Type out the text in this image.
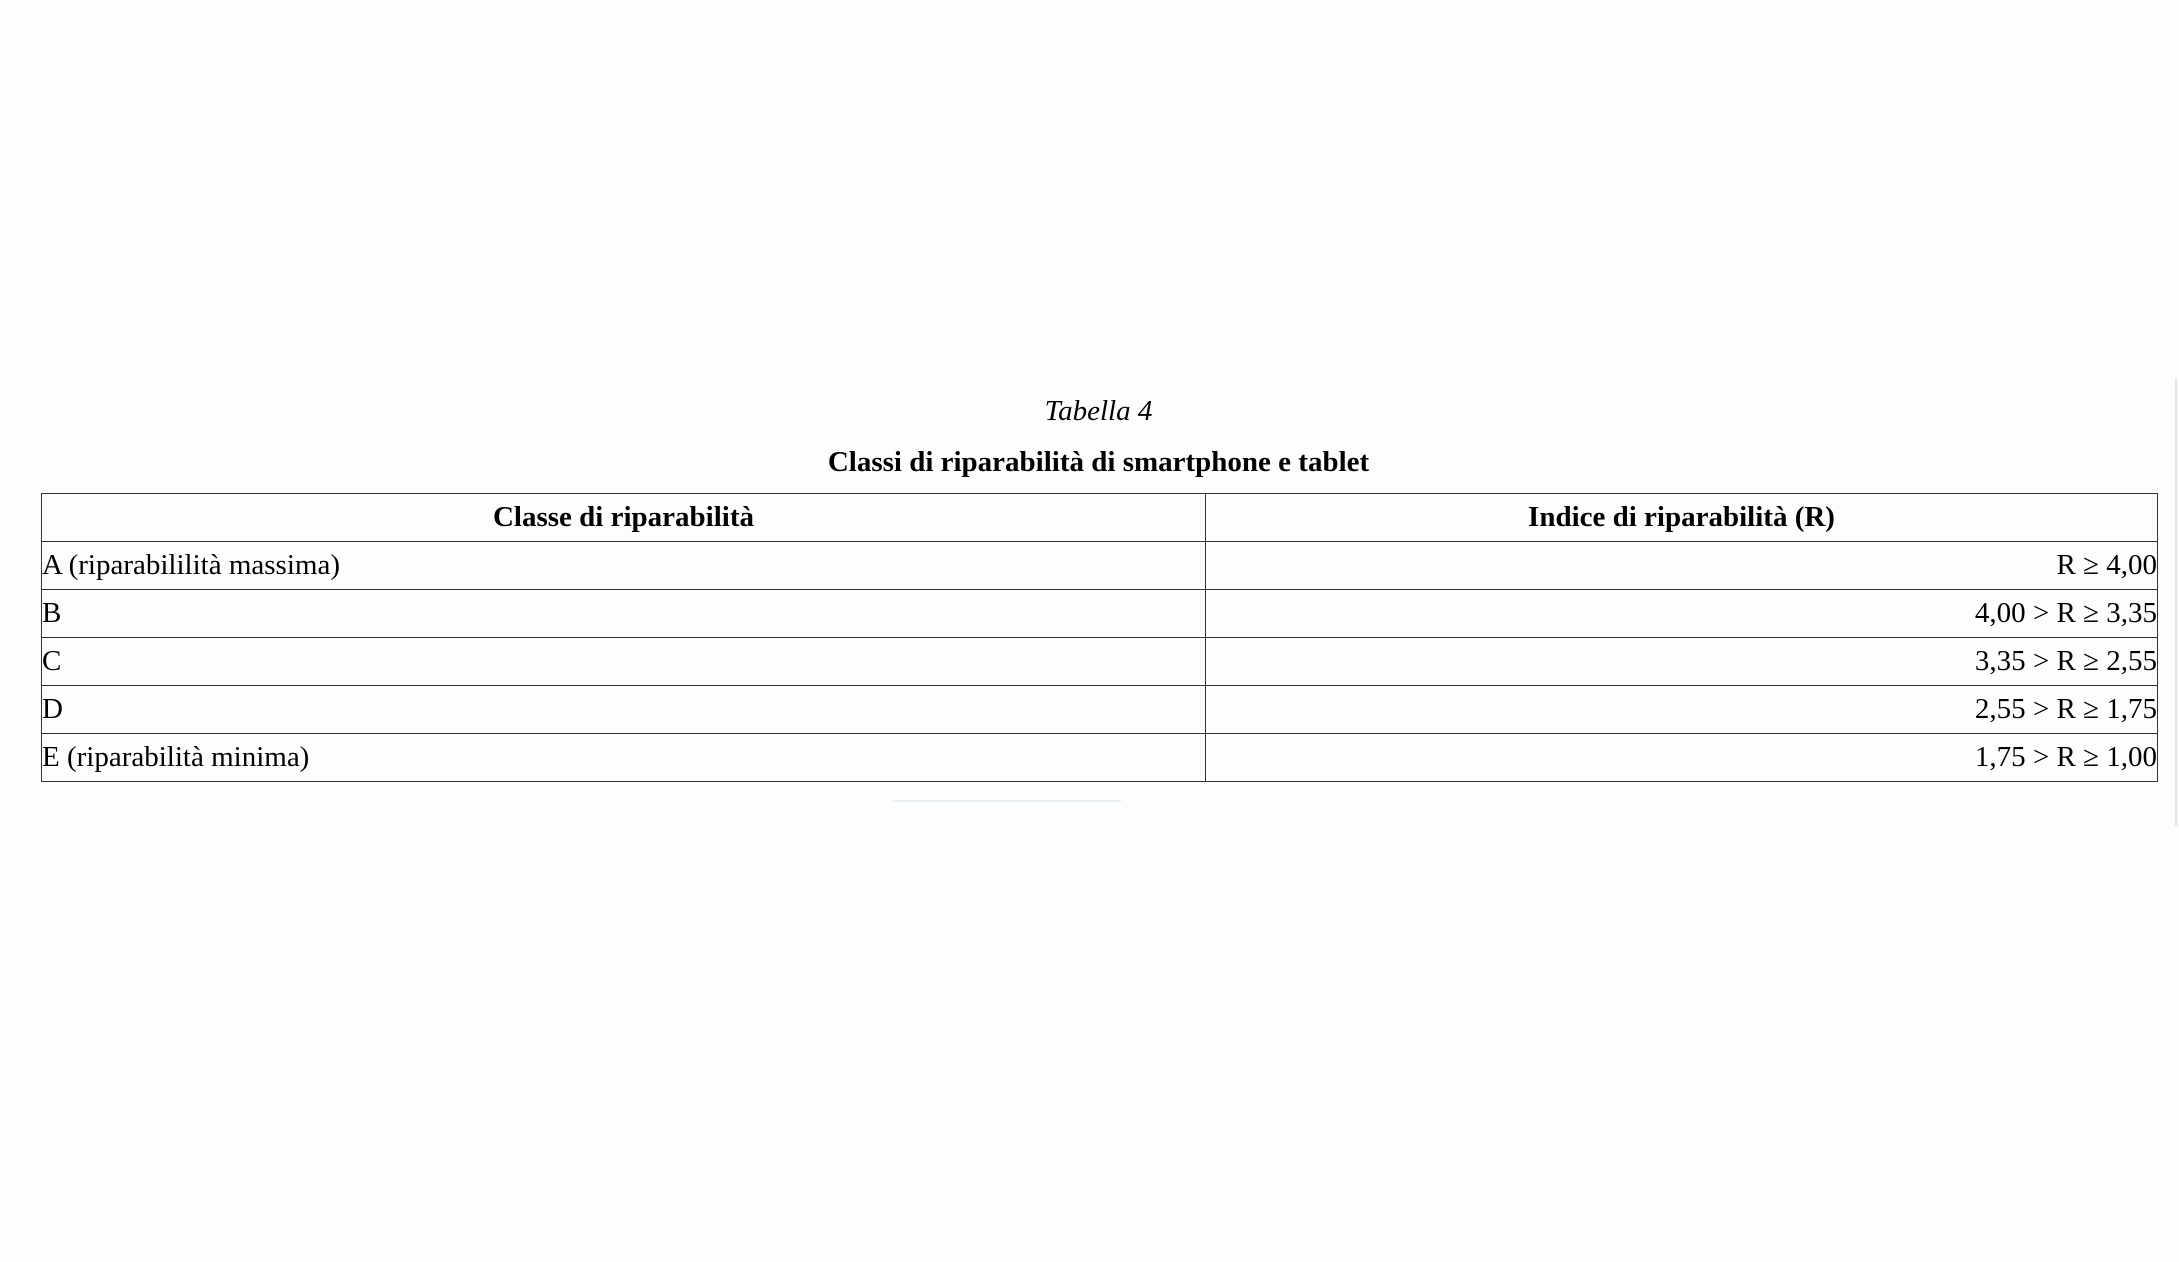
Tabella 4
Classi di riparabilità di smartphone e tablet
Classe di riparabilità	Indice di riparabilità (R)
A (riparabililità massima)	R ≥ 4,00
B	4,00 > R ≥ 3,35
C	3,35 > R ≥ 2,55
D	2,55 > R ≥ 1,75
E (riparabilità minima)	1,75 > R ≥ 1,00
